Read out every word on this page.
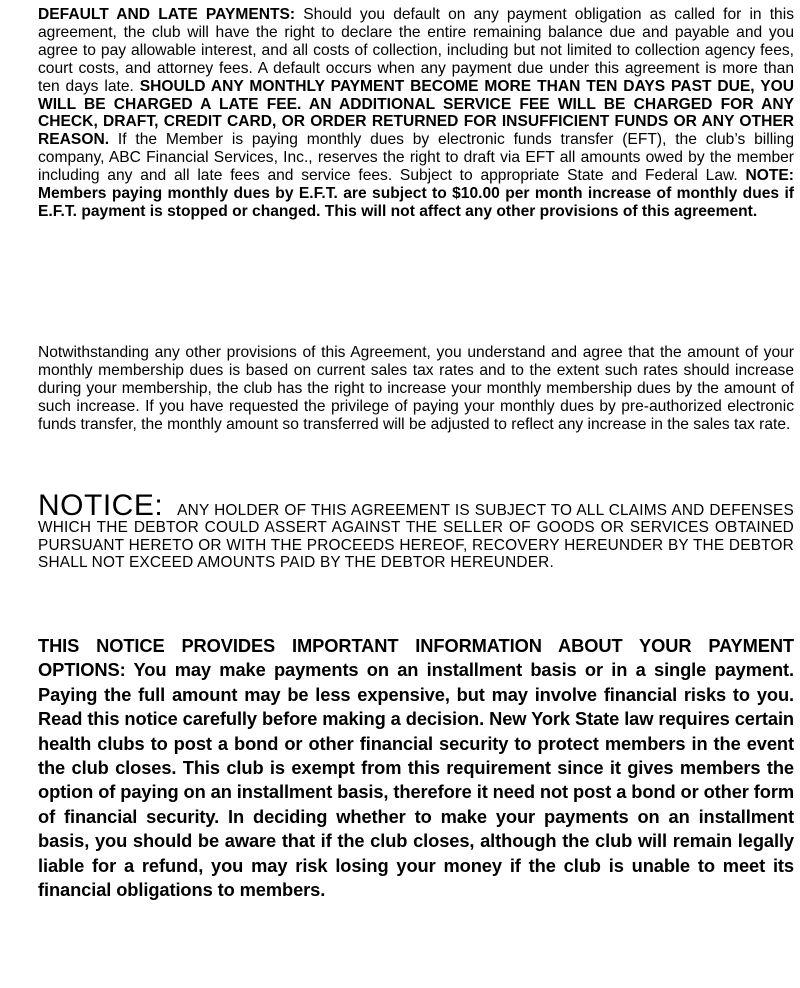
DEFAULT AND LATE PAYMENTS: Should you default on any payment obligation as called for in this agreement, the club will have the right to declare the entire remaining balance due and payable and you agree to pay allowable interest, and all costs of collection, including but not limited to collection agency fees, court costs, and attorney fees. A default occurs when any payment due under this agreement is more than ten days late. SHOULD ANY MONTHLY PAYMENT BECOME MORE THAN TEN DAYS PAST DUE, YOU WILL BE CHARGED A LATE FEE. AN ADDITIONAL SERVICE FEE WILL BE CHARGED FOR ANY CHECK, DRAFT, CREDIT CARD, OR ORDER RETURNED FOR INSUFFICIENT FUNDS OR ANY OTHER REASON. If the Member is paying monthly dues by electronic funds transfer (EFT), the club’s billing company, ABC Financial Services, Inc., reserves the right to draft via EFT all amounts owed by the member including any and all late fees and service fees. Subject to appropriate State and Federal Law. NOTE: Members paying monthly dues by E.F.T. are subject to $10.00 per month increase of monthly dues if E.F.T. payment is stopped or changed. This will not affect any other provisions of this agreement.

Notwithstanding any other provisions of this Agreement, you understand and agree that the amount of your monthly membership dues is based on current sales tax rates and to the extent such rates should increase during your membership, the club has the right to increase your monthly membership dues by the amount of such increase. If you have requested the privilege of paying your monthly dues by pre-authorized electronic funds transfer, the monthly amount so transferred will be adjusted to reflect any increase in the sales tax rate.

NOTICE: ANY HOLDER OF THIS AGREEMENT IS SUBJECT TO ALL CLAIMS AND DEFENSES WHICH THE DEBTOR COULD ASSERT AGAINST THE SELLER OF GOODS OR SERVICES OBTAINED PURSUANT HERETO OR WITH THE PROCEEDS HEREOF, RECOVERY HEREUNDER BY THE DEBTOR SHALL NOT EXCEED AMOUNTS PAID BY THE DEBTOR HEREUNDER.

THIS NOTICE PROVIDES IMPORTANT INFORMATION ABOUT YOUR PAYMENT OPTIONS: You may make payments on an installment basis or in a single payment. Paying the full amount may be less expensive, but may involve financial risks to you. Read this notice carefully before making a decision. New York State law requires certain health clubs to post a bond or other financial security to protect members in the event the club closes. This club is exempt from this requirement since it gives members the option of paying on an installment basis, therefore it need not post a bond or other form of financial security. In deciding whether to make your payments on an installment basis, you should be aware that if the club closes, although the club will remain legally liable for a refund, you may risk losing your money if the club is unable to meet its financial obligations to members.
